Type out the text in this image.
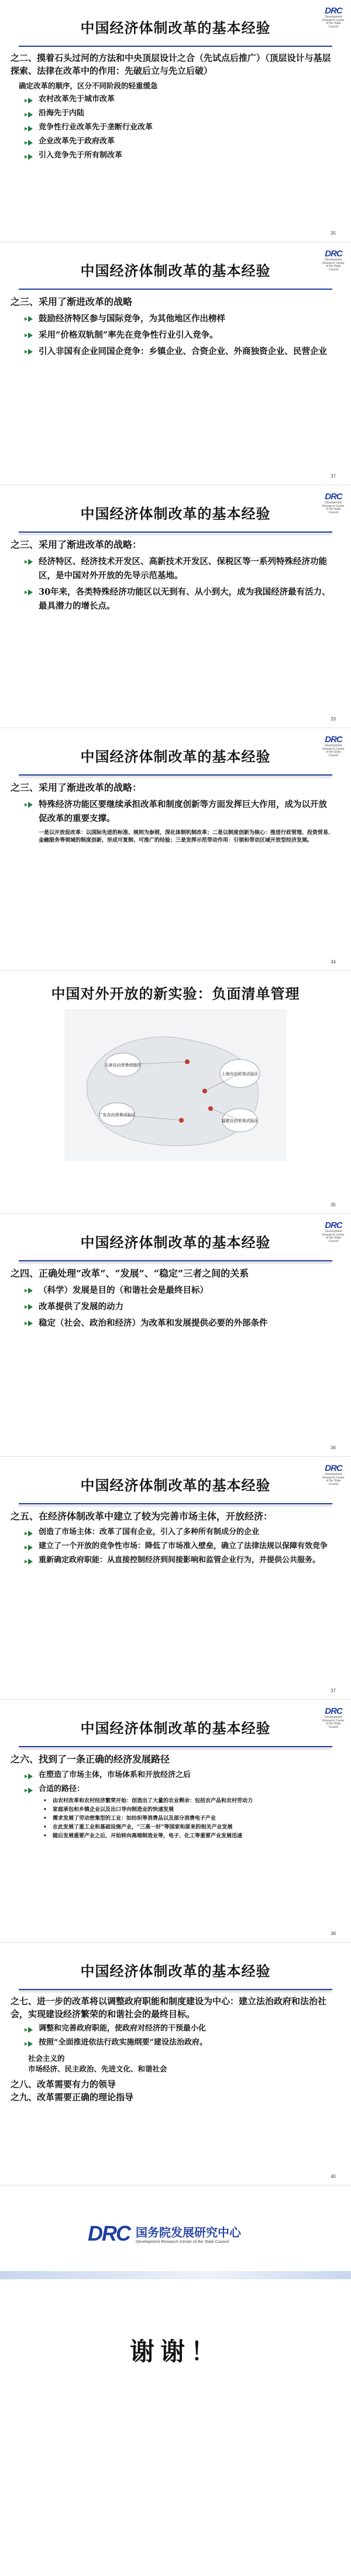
DRC
Development Research Center of the State Council
中国经济体制改革的基本经验
之二、摸着石头过河的方法和中央顶层设计之合（先试点后推广）（顶层设计与基层探索、法律在改革中的作用：先破后立与先立后破）
确定改革的顺序，区分不同阶段的轻重缓急
农村改革先于城市改革
沿海先于内陆
竞争性行业改革先于垄断行业改革
企业改革先于政府改革
引入竞争先于所有制改革
35
DRC
Development Research Center of the State Council
中国经济体制改革的基本经验
之三、采用了渐进改革的战略
鼓励经济特区参与国际竞争，为其他地区作出榜样
采用“价格双轨制”率先在竞争性行业引入竞争。
引入非国有企业同国企竞争：乡镇企业、合资企业、外商独资企业、民营企业
37
DRC
Development Research Center of the State Council
中国经济体制改革的基本经验
之三、采用了渐进改革的战略：
经济特区、经济技术开发区、高新技术开发区、保税区等一系列特殊经济功能区，是中国对外开放的先导示范基地。
30年来，各类特殊经济功能区以无到有、从小到大，成为我国经济最有活力、最具潜力的增长点。
33
DRC
Development Research Center of the State Council
中国经济体制改革的基本经验
之三、采用了渐进改革的战略：
特殊经济功能区要继续承担改革和制度创新等方面发挥巨大作用，成为以开放促改革的重要支撑。
一是以开放促改革：以国际先进的标准、规则为参照，深化体制机制改革；二是以制度创新为核心：推进行政管理、投资贸易、金融服务等领域的制度创新，形成可复制、可推广的经验；三是发挥示范带动作用：引领和带动区域开放型经济发展。
34
中国对外开放的新实验：负面清单管理
上海自由贸易试验区
天津自由贸易试验区
广东自由贸易试验区
福建自由贸易试验区
35
DRC
Development Research Center of the State Council
中国经济体制改革的基本经验
之四、正确处理“改革”、“发展”、“稳定”三者之间的关系
（科学）发展是目的（和谐社会是最终目标）
改革提供了发展的动力
稳定（社会、政治和经济）为改革和发展提供必要的外部条件
36
DRC
Development Research Center of the State Council
中国经济体制改革的基本经验
之五、在经济体制改革中建立了较为完善市场主体，开放经济：
创造了市场主体：改革了国有企业，引入了多种所有制成分的企业
建立了一个开放的竞争性市场：降低了市场准入壁垒，确立了法律法规以保障有效竞争
重新确定政府职能：从直接控制经济到间接影响和监管企业行为，并提供公共服务。
37
DRC
Development Research Center of the State Council
中国经济体制改革的基本经验
之六、找到了一条正确的经济发展路径
在塑造了市场主体，市场体系和开放经济之后
合适的路径：
•	由农村改革和农村经济繁荣开始：创造出了大量的农业剩余：包括农产品和农村劳动力
•	家庭承包和乡镇企业以及出口导向制造业的快速发展
•	需求发展了劳动密集型的工业：如纺织等消费品以及部分消费电子产业
•	在此发展了重工业和基础设施产业，“三高一好”等国家和原来的相关产业发展
•	随后发展重要产业之后，开始转向高端制造业等，电子、化工等重要产业发展迅速
38
中国经济体制改革的基本经验
之七、进一步的改革将以调整政府职能和制度建设为中心：建立法治政府和法治社会，实现建设经济繁荣的和谐社会的最终目标。
调整和完善政府职能，使政府对经济的干预最小化
按照“全面推进依法行政实施纲要”建设法治政府。
社会主义的
市场经济、民主政治、先进文化、和谐社会
之八、改革需要有力的领导
之九、改革需要正确的理论指导
40
DRC 国务院发展研究中心
Development Research Center of the State Council
谢谢！
